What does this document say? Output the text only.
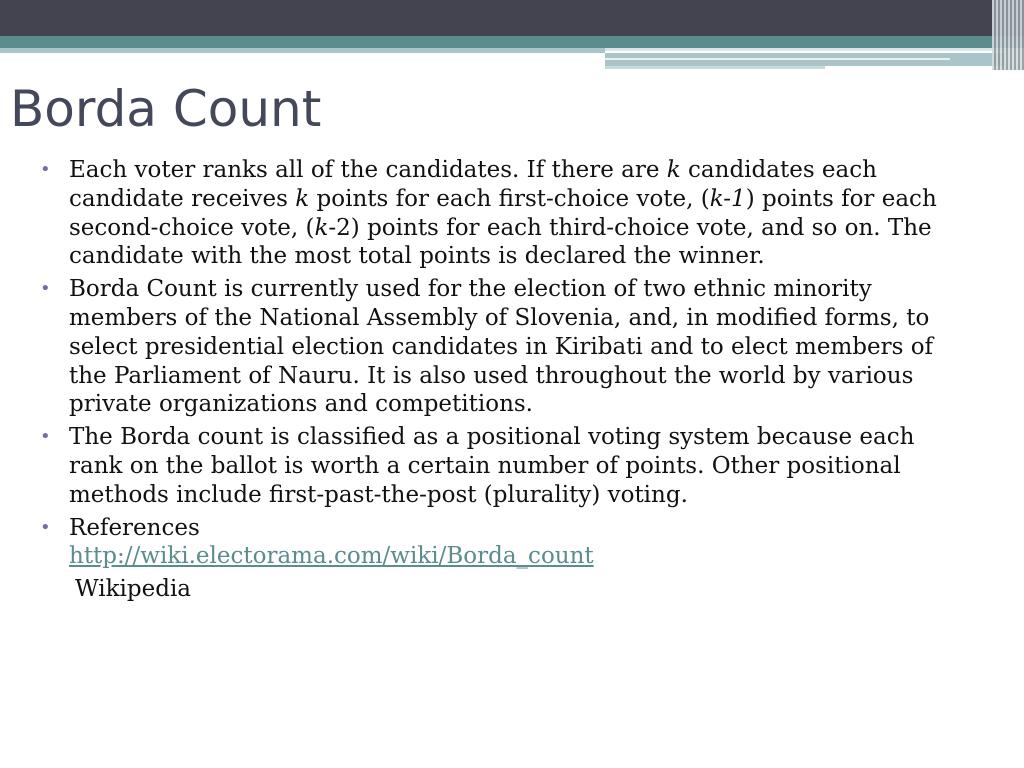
Borda Count
• Each voter ranks all of the candidates. If there are k candidates each candidate receives k points for each first-choice vote, (k-1) points for each second-choice vote, (k-2) points for each third-choice vote, and so on. The candidate with the most total points is declared the winner.
• Borda Count is currently used for the election of two ethnic minority members of the National Assembly of Slovenia, and, in modified forms, to select presidential election candidates in Kiribati and to elect members of the Parliament of Nauru. It is also used throughout the world by various private organizations and competitions.
• The Borda count is classified as a positional voting system because each rank on the ballot is worth a certain number of points. Other positional methods include first-past-the-post (plurality) voting.
• References
http://wiki.electorama.com/wiki/Borda_count
Wikipedia
